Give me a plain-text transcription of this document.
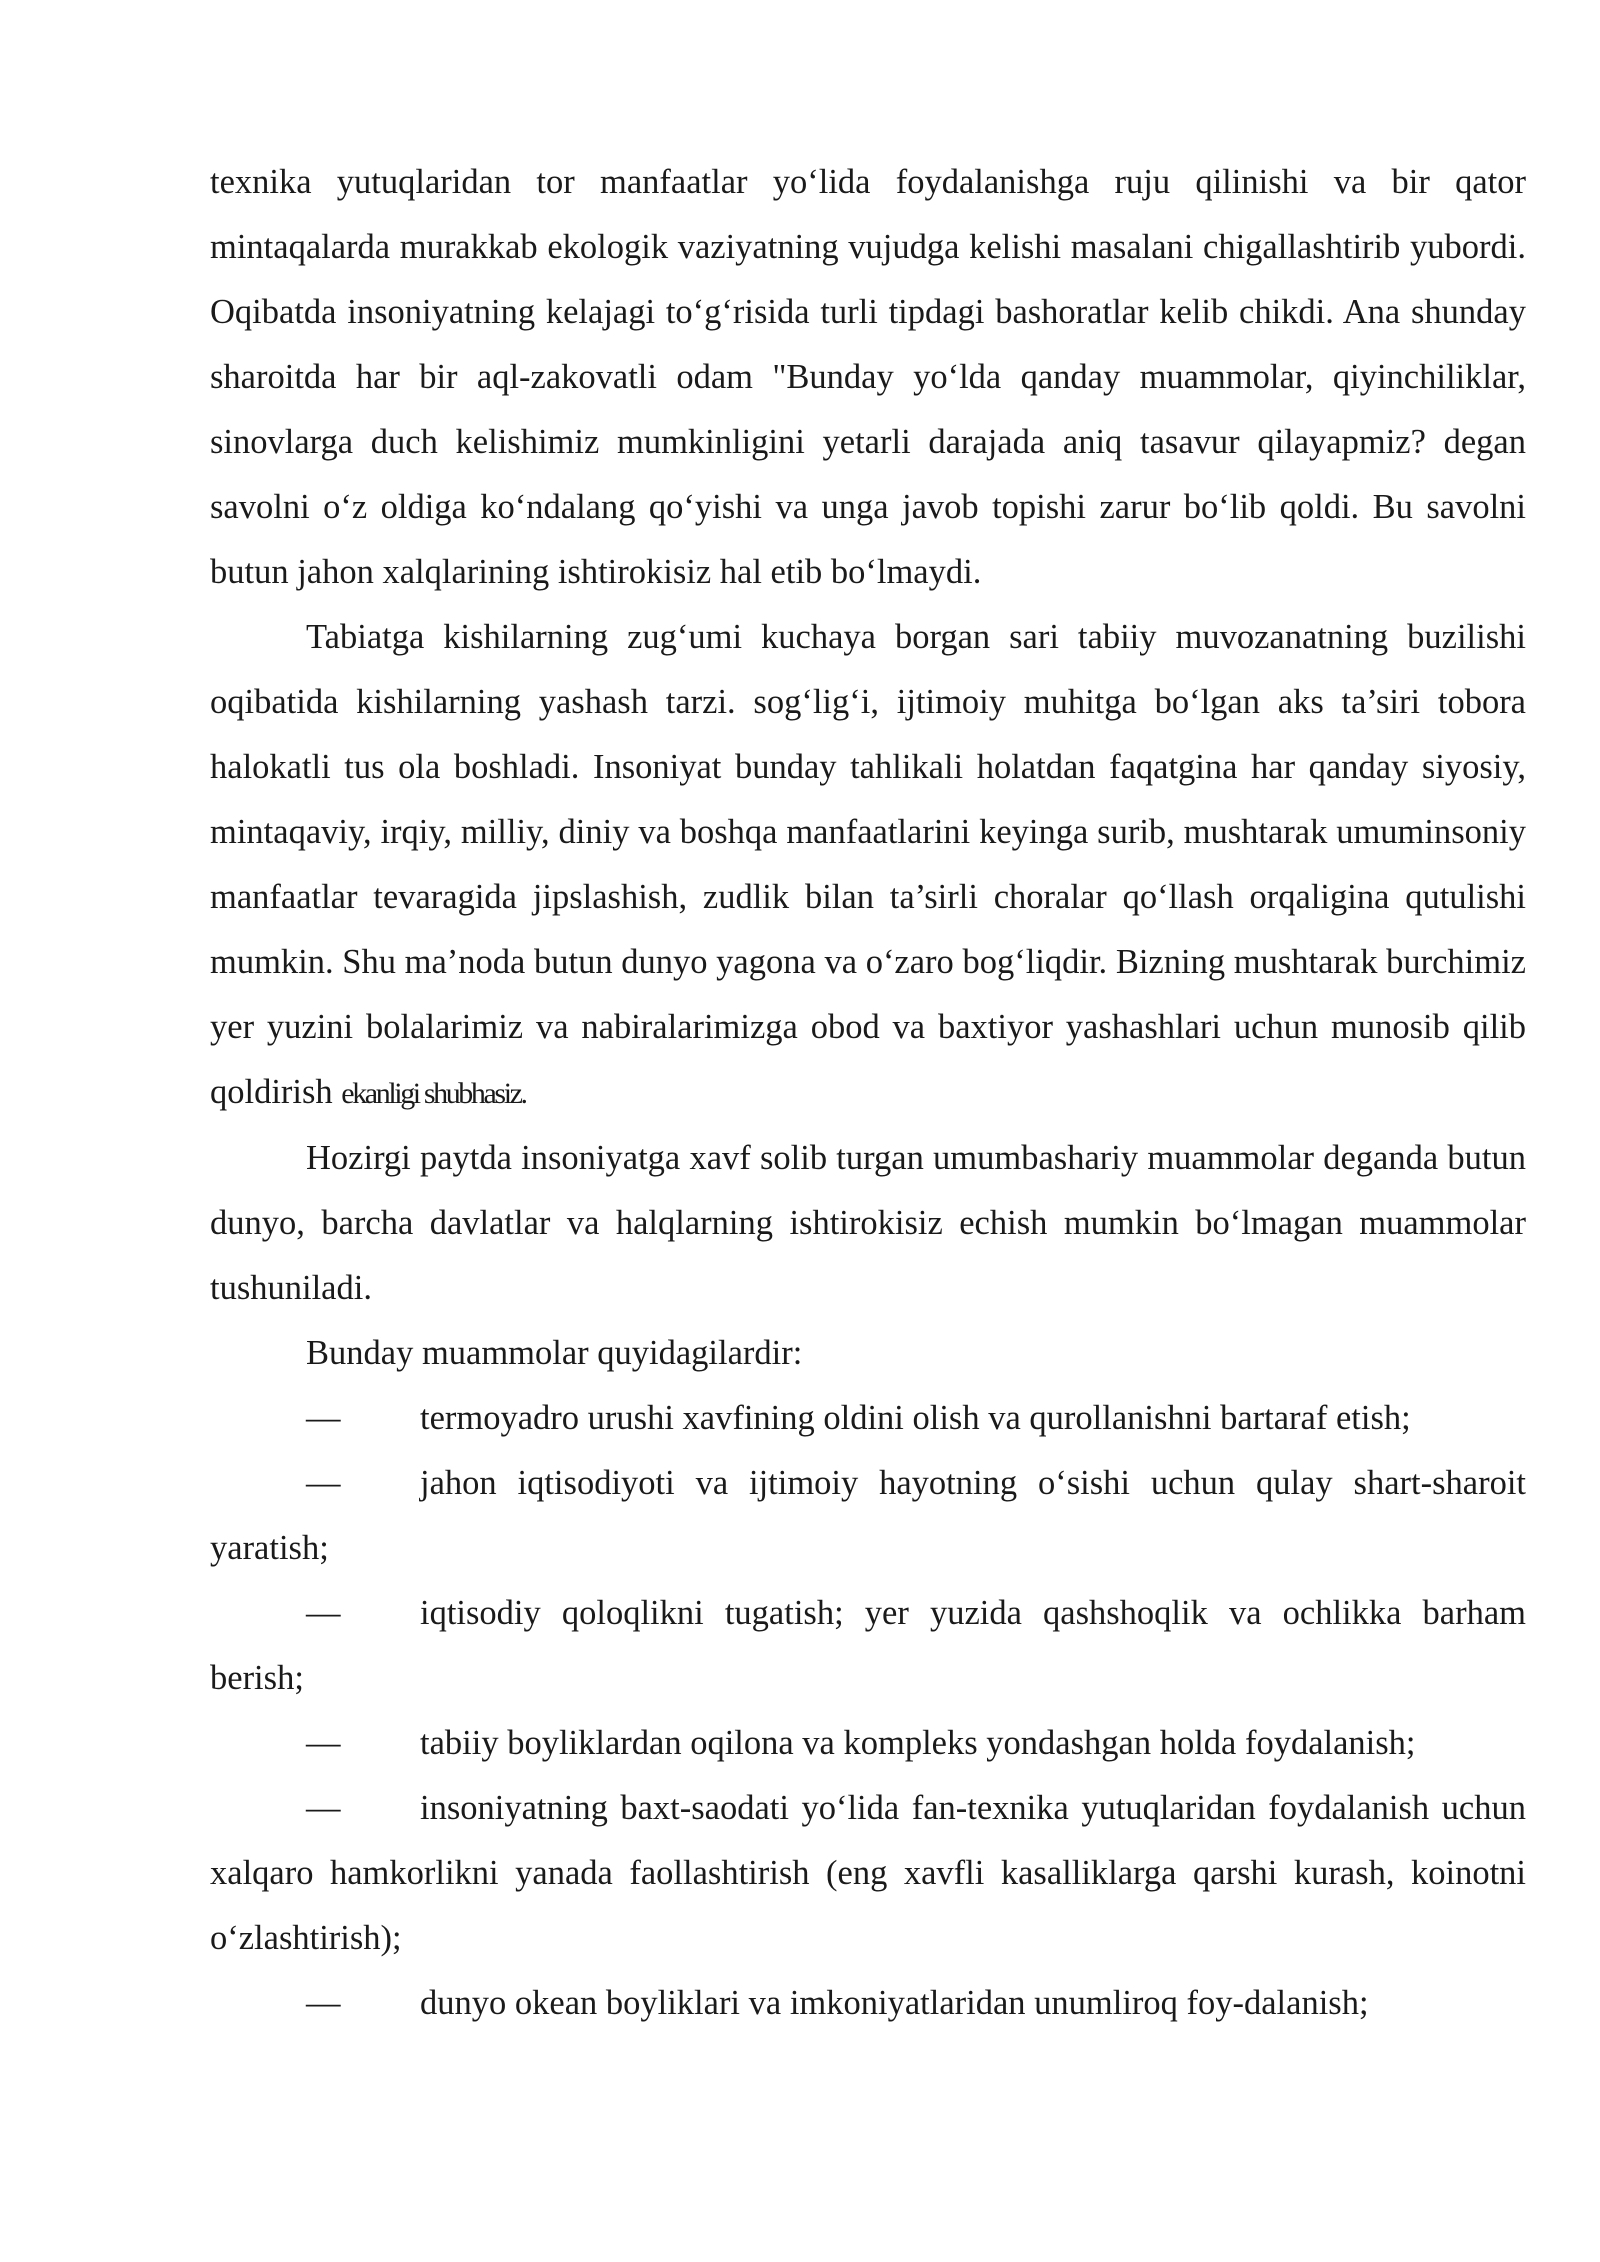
texnika yutuqlaridan tor manfaatlar yo‘lida foydalanishga ruju qilinishi va bir qator mintaqalarda murakkab ekologik vaziyatning vujudga kelishi masalani chigallashtirib yubordi. Oqibatda insoniyatning kelajagi to‘g‘risida turli tipdagi bashoratlar kelib chikdi. Ana shunday sharoitda har bir aql-zakovatli odam "Bunday yo‘lda qanday muammolar, qiyinchiliklar, sinovlarga duch kelishimiz mumkinligini yetarli darajada aniq tasavur qilayapmiz? degan savolni o‘z oldiga ko‘ndalang qo‘yishi va unga javob topishi zarur bo‘lib qoldi. Bu savolni butun jahon xalqlarining ishtirokisiz hal etib bo‘lmaydi.

Tabiatga kishilarning zug‘umi kuchaya borgan sari tabiiy muvozanatning buzilishi oqibatida kishilarning yashash tarzi. sog‘lig‘i, ijtimoiy muhitga bo‘lgan aks ta’siri tobora halokatli tus ola boshladi. Insoniyat bunday tahlikali holatdan faqatgina har qanday siyosiy, mintaqaviy, irqiy, milliy, diniy va boshqa manfaatlarini keyinga surib, mushtarak umuminsoniy manfaatlar tevaragida jipslashish, zudlik bilan ta’sirli choralar qo‘llash orqaligina qutulishi mumkin. Shu ma’noda butun dunyo yagona va o‘zaro bog‘liqdir. Bizning mushtarak burchimiz yer yuzini bolalarimiz va nabiralarimizga obod va baxtiyor yashashlari uchun munosib qilib qoldirish ekanligi shubhasiz.

Hozirgi paytda insoniyatga xavf solib turgan umumbashariy muammolar deganda butun dunyo, barcha davlatlar va halqlarning ishtirokisiz echish mumkin bo‘lmagan muammolar tushuniladi.

Bunday muammolar quyidagilardir:

— termoyadro urushi xavfining oldini olish va qurollanishni bartaraf etish;

— jahon iqtisodiyoti va ijtimoiy hayotning o‘sishi uchun qulay shart-sharoit yaratish;

— iqtisodiy qoloqlikni tugatish; yer yuzida qashshoqlik va ochlikka barham berish;

— tabiiy boyliklardan oqilona va kompleks yondashgan holda foydalanish;

— insoniyatning baxt-saodati yo‘lida fan-texnika yutuqlaridan foydalanish uchun xalqaro hamkorlikni yanada faollashtirish (eng xavfli kasalliklarga qarshi kurash, koinotni o‘zlashtirish);

— dunyo okean boyliklari va imkoniyatlaridan unumliroq foy-dalanish;
